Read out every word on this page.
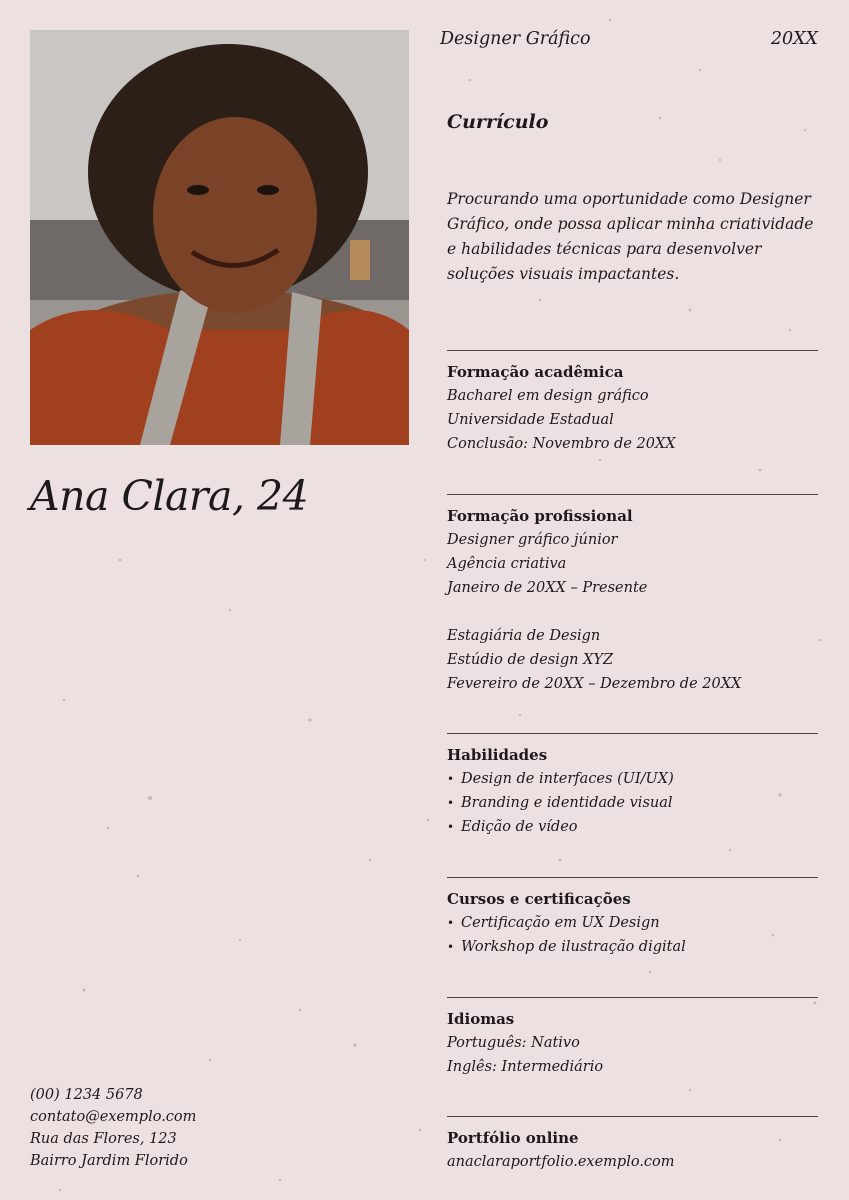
Ana Clara, 24
Designer Gráfico	20XX
Currículo

Procurando uma oportunidade como Designer Gráfico, onde possa aplicar minha criatividade e habilidades técnicas para desenvolver soluções visuais impactantes.

Formação acadêmica
Bacharel em design gráfico
Universidade Estadual
Conclusão: Novembro de 20XX
Formação profissional
Designer gráfico júnior
Agência criativa
Janeiro de 20XX – Presente
Estagiária de Design
Estúdio de design XYZ
Fevereiro de 20XX – Dezembro de 20XX
Habilidades
• Design de interfaces (UI/UX)
• Branding e identidade visual
• Edição de vídeo
Cursos e certificações
• Certificação em UX Design
• Workshop de ilustração digital
Idiomas
Português: Nativo
Inglês: Intermediário
Portfólio online
anaclaraportfolio.exemplo.com
(00) 1234 5678
contato@exemplo.com
Rua das Flores, 123
Bairro Jardim Florido
